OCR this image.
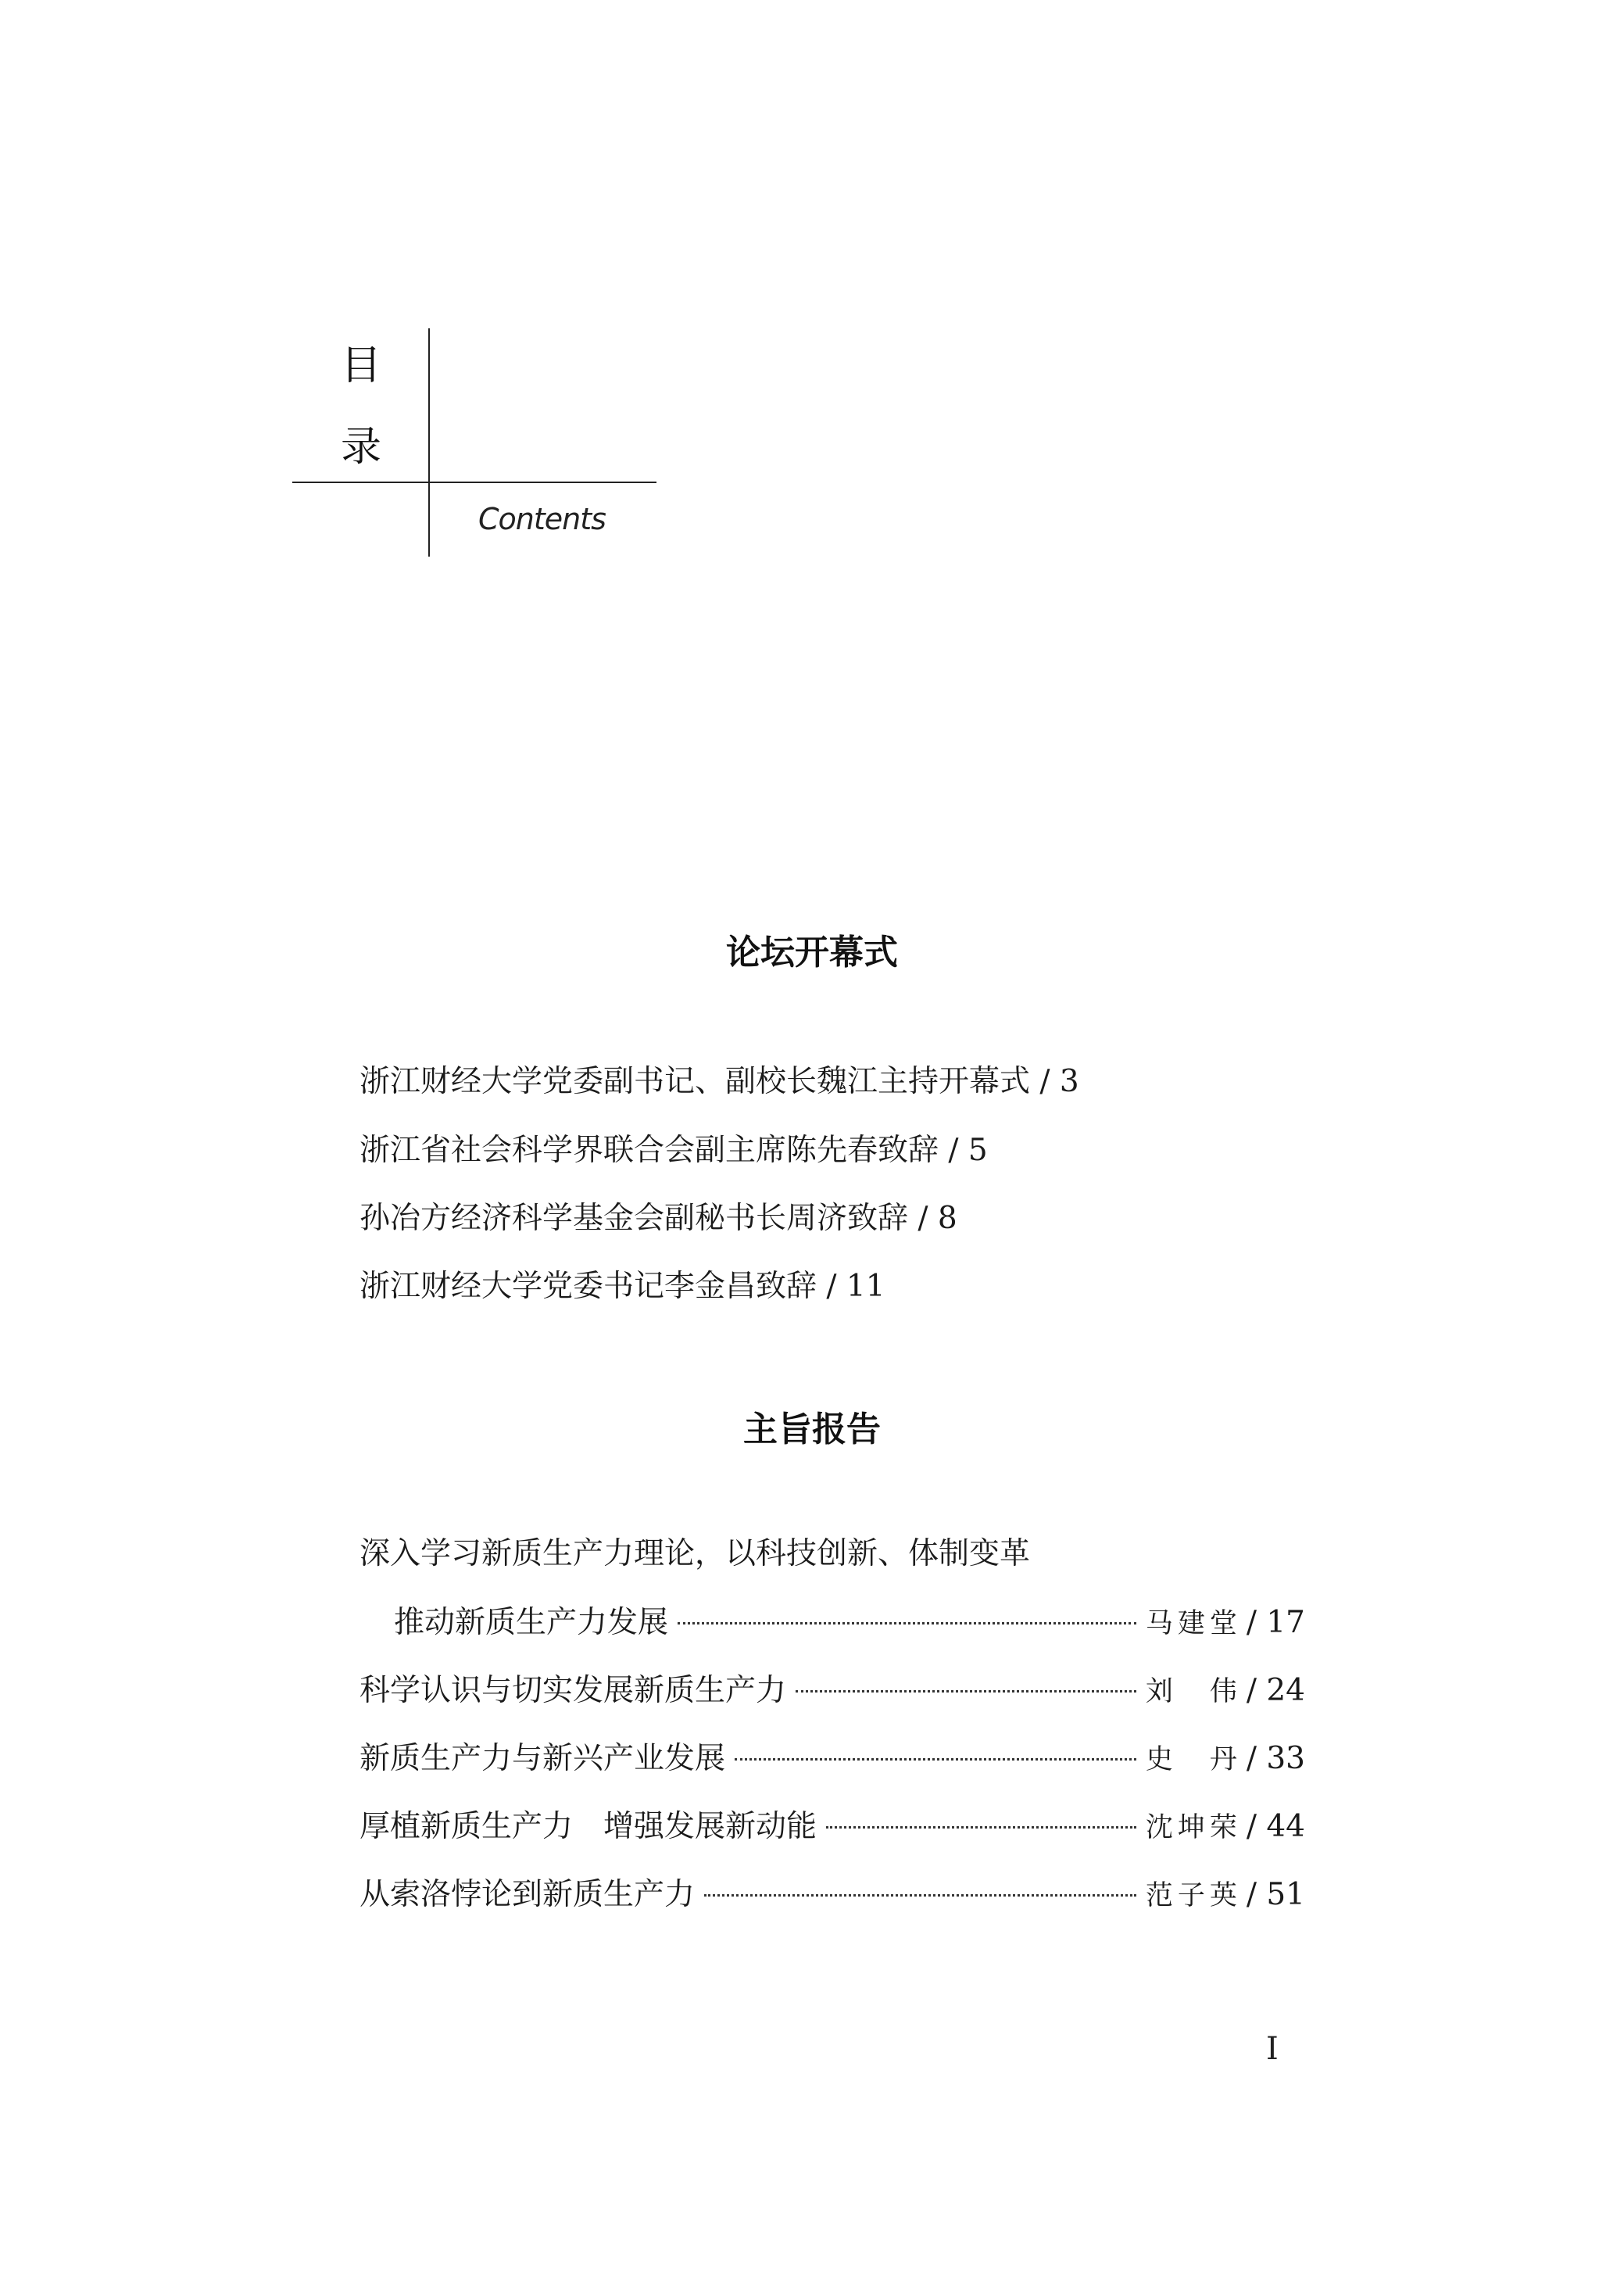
目
录
Contents
论坛开幕式
浙江财经大学党委副书记、副校长魏江主持开幕式 / 3
浙江省社会科学界联合会副主席陈先春致辞 / 5
孙冶方经济科学基金会副秘书长周济致辞 / 8
浙江财经大学党委书记李金昌致辞 / 11
主旨报告
深入学习新质生产力理论，以科技创新、体制变革
推动新质生产力发展	马建堂 / 17
科学认识与切实发展新质生产力	刘　伟 / 24
新质生产力与新兴产业发展	史　丹 / 33
厚植新质生产力　增强发展新动能	沈坤荣 / 44
从索洛悖论到新质生产力	范子英 / 51
I
